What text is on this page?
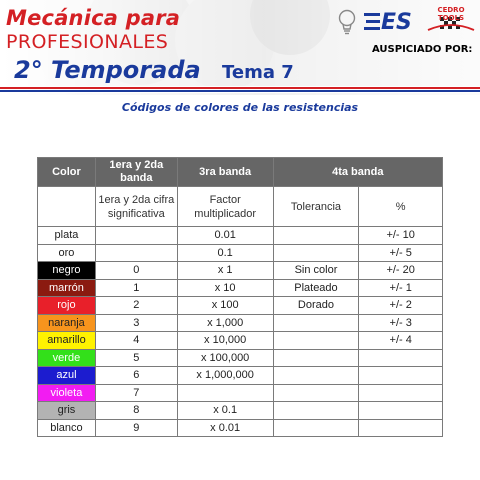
Mecánica para
PROFESIONALES
2° Temporada Tema 7
ES	CEDRO TOOLS
AUSPICIADO POR:
Códigos de colores de las resistencias
Color	1era y 2da banda	3ra banda	4ta banda	
	1era y 2da cifra significativa	Factor multiplicador	Tolerancia	%
plata		0.01		+/- 10
oro		0.1		+/- 5
negro	0	x 1	Sin color	+/- 20
marrón	1	x 10	Plateado	+/- 1
rojo	2	x 100	Dorado	+/- 2
naranja	3	x 1,000		+/- 3
amarillo	4	x 10,000		+/- 4
verde	5	x 100,000		
azul	6	x 1,000,000		
violeta	7			
gris	8	x 0.1		
blanco	9	x 0.01		
